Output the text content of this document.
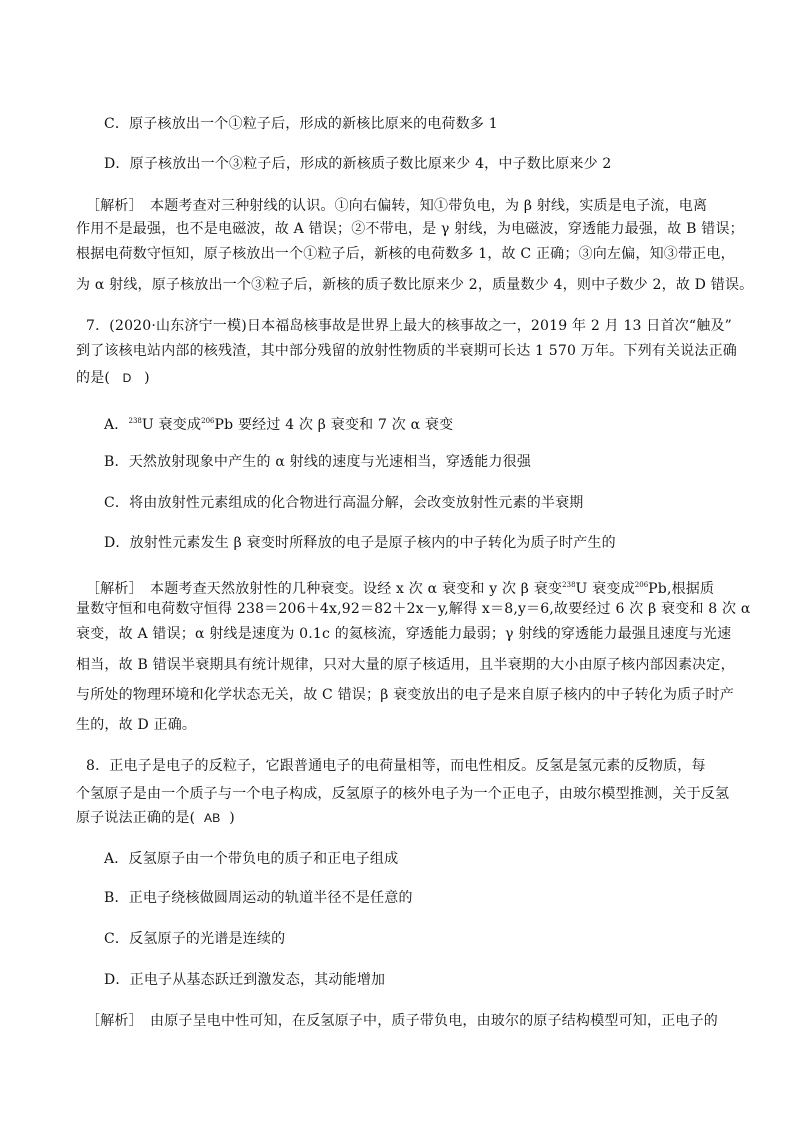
C．原子核放出一个①粒子后，形成的新核比原来的电荷数多 1
D．原子核放出一个③粒子后，形成的新核质子数比原来少 4，中子数比原来少 2
［解析］　本题考查对三种射线的认识。①向右偏转，知①带负电，为 β 射线，实质是电子流，电离
作用不是最强，也不是电磁波，故 A 错误；②不带电，是 γ 射线，为电磁波，穿透能力最强，故 B 错误；
根据电荷数守恒知，原子核放出一个①粒子后，新核的电荷数多 1，故 C 正确；③向左偏，知③带正电，
为 α 射线，原子核放出一个③粒子后，新核的质子数比原来少 2，质量数少 4，则中子数少 2，故 D 错误。
7．(2020·山东济宁一模)日本福岛核事故是世界上最大的核事故之一，2019 年 2 月 13 日首次“触及”
到了该核电站内部的核残渣，其中部分残留的放射性物质的半衰期可长达 1 570 万年。下列有关说法正确
的是( D )
A．$^{238}$U 衰变成$^{206}$Pb 要经过 4 次 β 衰变和 7 次 α 衰变
B．天然放射现象中产生的 α 射线的速度与光速相当，穿透能力很强
C．将由放射性元素组成的化合物进行高温分解，会改变放射性元素的半衰期
D．放射性元素发生 β 衰变时所释放的电子是原子核内的中子转化为质子时产生的
［解析］　本题考查天然放射性的几种衰变。设经 x 次 α 衰变和 y 次 β 衰变$^{238}$U 衰变成$^{206}$Pb,根据质
量数守恒和电荷数守恒得 238＝206＋4x,92＝82＋2x－y,解得 x＝8,y＝6,故要经过 6 次 β 衰变和 8 次 α
衰变，故 A 错误；α 射线是速度为 0.1c 的氦核流，穿透能力最弱；γ 射线的穿透能力最强且速度与光速
相当，故 B 错误半衰期具有统计规律，只对大量的原子核适用，且半衰期的大小由原子核内部因素决定，
与所处的物理环境和化学状态无关，故 C 错误；β 衰变放出的电子是来自原子核内的中子转化为质子时产
生的，故 D 正确。
8．正电子是电子的反粒子，它跟普通电子的电荷量相等，而电性相反。反氢是氢元素的反物质，每
个氢原子是由一个质子与一个电子构成，反氢原子的核外电子为一个正电子，由玻尔模型推测，关于反氢
原子说法正确的是( AB )
A．反氢原子由一个带负电的质子和正电子组成
B．正电子绕核做圆周运动的轨道半径不是任意的
C．反氢原子的光谱是连续的
D．正电子从基态跃迁到激发态，其动能增加
［解析］　由原子呈电中性可知，在反氢原子中，质子带负电，由玻尔的原子结构模型可知，正电子的
